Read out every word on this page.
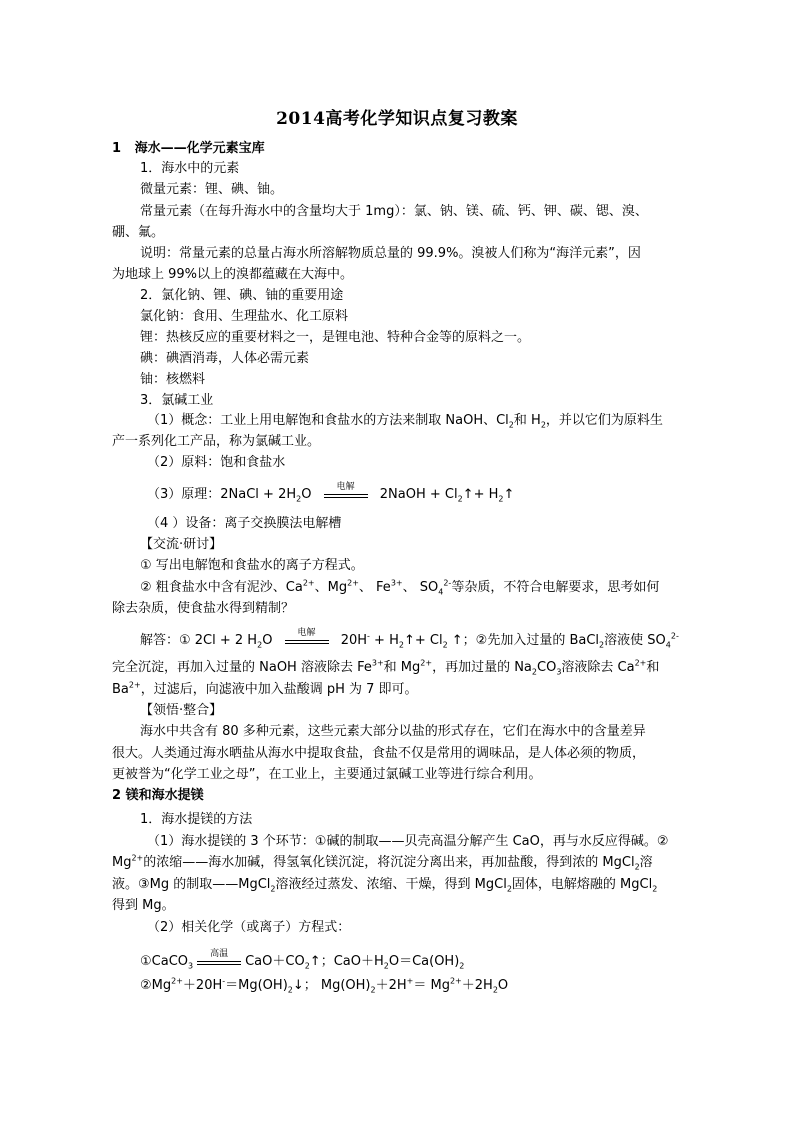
2014高考化学知识点复习教案
1 海水——化学元素宝库
1．海水中的元素
微量元素：锂、碘、铀。
常量元素（在每升海水中的含量均大于 1mg）：氯、钠、镁、硫、钙、钾、碳、锶、溴、
硼、氟。
说明：常量元素的总量占海水所溶解物质总量的 99.9%。溴被人们称为“海洋元素”，因
为地球上 99%以上的溴都蕴藏在大海中。
2．氯化钠、锂、碘、铀的重要用途
氯化钠：食用、生理盐水、化工原料
锂：热核反应的重要材料之一，是锂电池、特种合金等的原料之一。
碘：碘酒消毒，人体必需元素
铀：核燃料
3．氯碱工业
（1）概念：工业上用电解饱和食盐水的方法来制取 NaOH、$Cl_2$和 $H_2$，并以它们为原料生
产一系列化工产品，称为氯碱工业。
（2）原料：饱和食盐水
（3）原理：2NaCl + $2H_2O$
电解
2NaOH + $Cl_2↑+$ $H_2↑$
（4 ）设备：离子交换膜法电解槽
【交流·研讨】
① 写出电解饱和食盐水的离子方程式。
② 粗食盐水中含有泥沙、$Ca^{2+}$、$Mg^{2+}$、 $Fe^{3+}$、 $SO_4^{2-}$等杂质，不符合电解要求，思考如何
除去杂质，使食盐水得到精制？
解答：① 2Cl + 2 $H_2O$
电解
$20H^- + H_2↑+ Cl_2$ ↑；②先加入过量的 BaCl$_2$溶液使 $SO_4^{2-}$
完全沉淀，再加入过量的 NaOH 溶液除去 $Fe^{3+}$和 $Mg^{2+}$，再加过量的 $Na_2CO_3$溶液除去 $Ca^{2+}$和
$Ba^{2+}$，过滤后，向滤液中加入盐酸调 pH 为 7 即可。
【领悟·整合】
海水中共含有 80 多种元素，这些元素大部分以盐的形式存在，它们在海水中的含量差异
很大。人类通过海水晒盐从海水中提取食盐，食盐不仅是常用的调味品，是人体必须的物质，
更被誉为“化学工业之母”，在工业上，主要通过氯碱工业等进行综合利用。
2 镁和海水提镁
1．海水提镁的方法
（1）海水提镁的 3 个环节：①碱的制取——贝壳高温分解产生 CaO，再与水反应得碱。②
$Mg^{2+}$的浓缩——海水加碱，得氢氧化镁沉淀，将沉淀分离出来，再加盐酸，得到浓的 MgCl$_2$溶
液。③Mg 的制取——MgCl$_2$溶液经过蒸发、浓缩、干燥，得到 MgCl$_2$固体，电解熔融的 MgCl$_2$
得到 Mg。
（2）相关化学（或离子）方程式：
①CaCO$_3$
高温
$CaO+CO_2↑$；$CaO+H_2O=Ca(OH)_2$
$②Mg^{2+}+20H^-=Mg(OH)_2↓$； $Mg(OH)_2+2H^+= Mg^{2+}+2H_2O$
